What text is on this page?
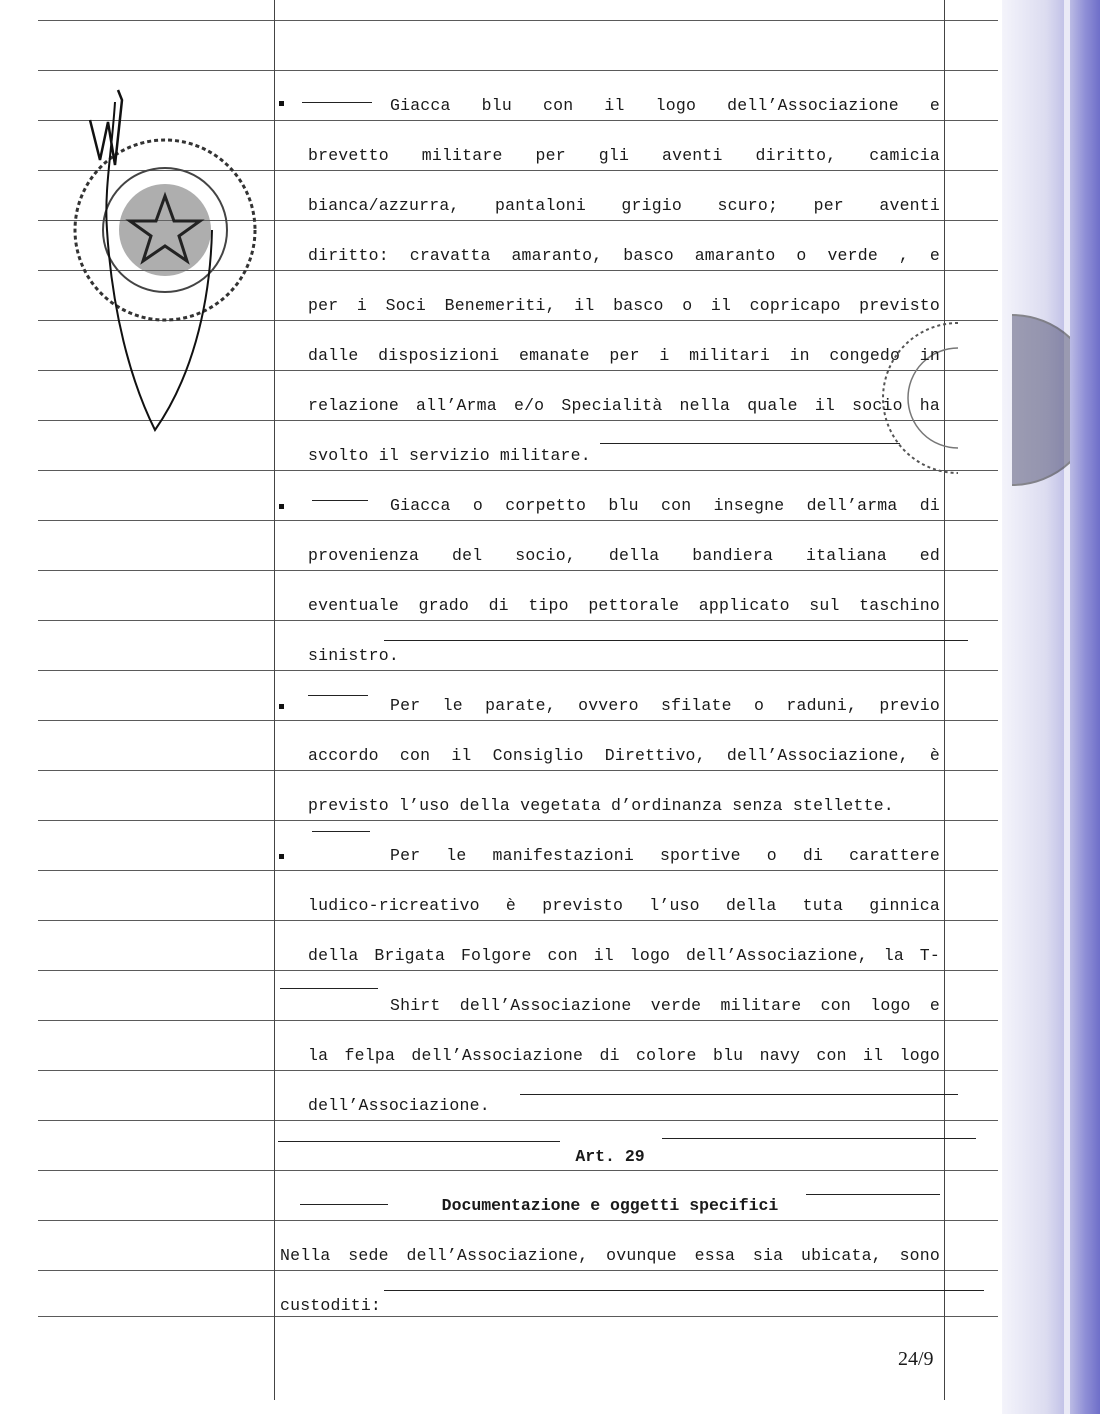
Giacca blu con il logo dell’Associazione e
brevetto militare per gli aventi diritto, camicia
bianca/azzurra, pantaloni grigio scuro; per aventi
diritto: cravatta amaranto, basco amaranto o verde , e
per i Soci Benemeriti, il basco o il copricapo previsto
dalle disposizioni emanate per i militari in congedo in
relazione all’Arma e/o Specialità nella quale il socio ha
svolto il servizio militare.
Giacca o corpetto blu con insegne dell’arma di
provenienza del socio, della bandiera italiana ed
eventuale grado di tipo pettorale applicato sul taschino
sinistro.
Per le parate, ovvero sfilate o raduni, previo
accordo con il Consiglio Direttivo, dell’Associazione, è
previsto l’uso della vegetata d’ordinanza senza stellette.
Per le manifestazioni sportive o di carattere
ludico-ricreativo è previsto l’uso della tuta ginnica
della Brigata Folgore con il logo dell’Associazione, la T-
Shirt dell’Associazione verde militare con logo e
la felpa dell’Associazione di colore blu navy con il logo
dell’Associazione.
Art. 29
Documentazione e oggetti specifici
Nella sede dell’Associazione, ovunque essa sia ubicata, sono
custoditi:
24/9
